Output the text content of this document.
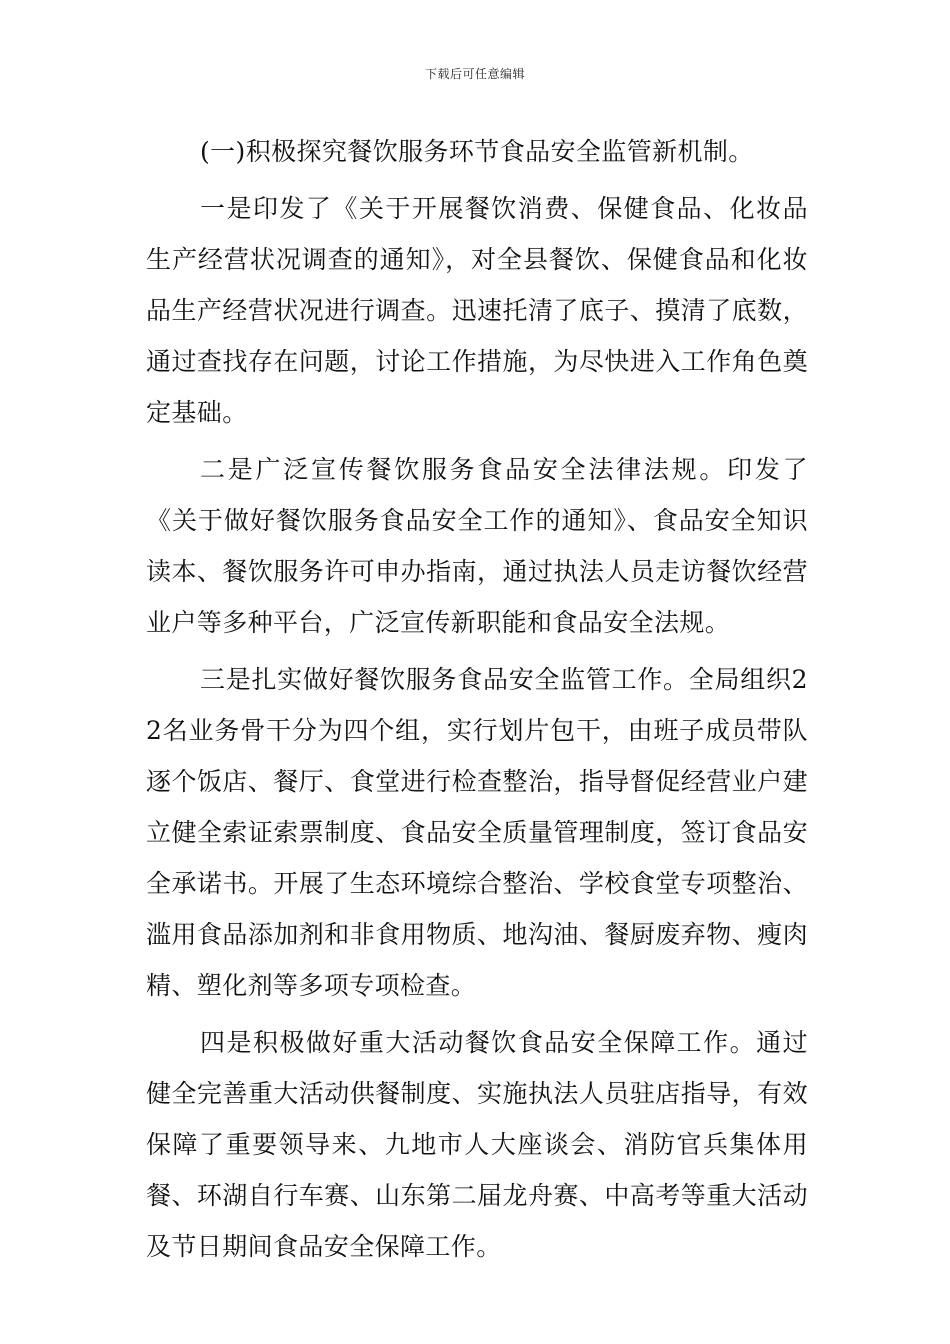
下载后可任意编辑

(一)积极探究餐饮服务环节食品安全监管新机制。

一是印发了《关于开展餐饮消费、保健食品、化妆品生产经营状况调查的通知》，对全县餐饮、保健食品和化妆品生产经营状况进行调查。迅速托清了底子、摸清了底数，通过查找存在问题，讨论工作措施，为尽快进入工作角色奠定基础。

二是广泛宣传餐饮服务食品安全法律法规。印发了《关于做好餐饮服务食品安全工作的通知》、食品安全知识读本、餐饮服务许可申办指南，通过执法人员走访餐饮经营业户等多种平台，广泛宣传新职能和食品安全法规。

三是扎实做好餐饮服务食品安全监管工作。全局组织22名业务骨干分为四个组，实行划片包干，由班子成员带队逐个饭店、餐厅、食堂进行检查整治，指导督促经营业户建立健全索证索票制度、食品安全质量管理制度，签订食品安全承诺书。开展了生态环境综合整治、学校食堂专项整治、滥用食品添加剂和非食用物质、地沟油、餐厨废弃物、瘦肉精、塑化剂等多项专项检查。

四是积极做好重大活动餐饮食品安全保障工作。通过健全完善重大活动供餐制度、实施执法人员驻店指导，有效保障了重要领导来、九地市人大座谈会、消防官兵集体用餐、环湖自行车赛、山东第二届龙舟赛、中高考等重大活动及节日期间食品安全保障工作。
